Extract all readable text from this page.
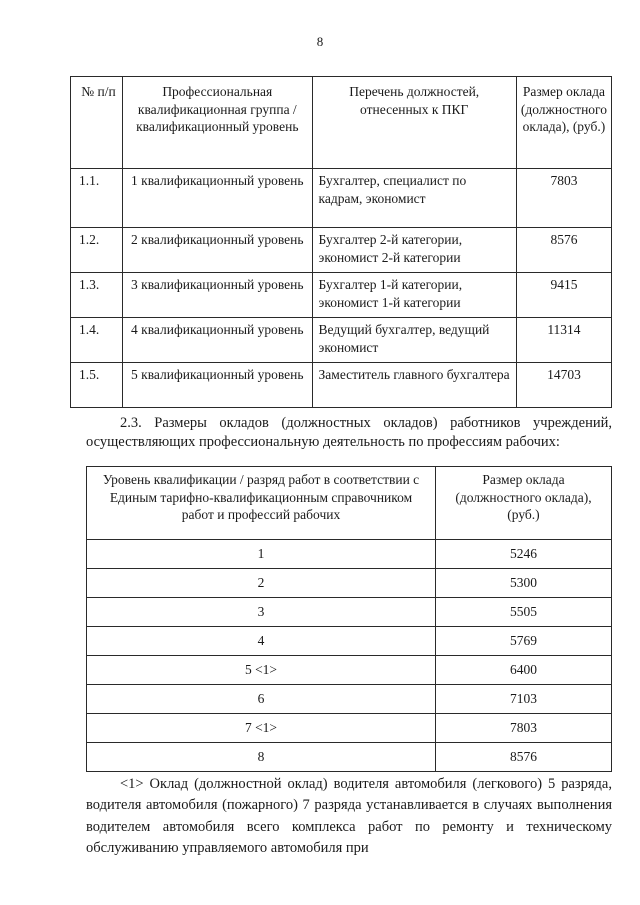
8
№ п/п	Профессиональная квалификационная группа / квалификационный уровень	Перечень должностей, отнесенных к ПКГ	Размер оклада (должностного оклада), (руб.)
1.1.	1 квалификационный уровень	Бухгалтер, специалист по кадрам, экономист	7803
1.2.	2 квалификационный уровень	Бухгалтер 2-й категории, экономист 2-й категории	8576
1.3.	3 квалификационный уровень	Бухгалтер 1-й категории, экономист 1-й категории	9415
1.4.	4 квалификационный уровень	Ведущий бухгалтер, ведущий экономист	11314
1.5.	5 квалификационный уровень	Заместитель главного бухгалтера	14703

2.3. Размеры окладов (должностных окладов) работников учреждений, осуществляющих профессиональную деятельность по профессиям рабочих:

Уровень квалификации / разряд работ в соответствии с Единым тарифно-квалификационным справочником работ и профессий рабочих	Размер оклада (должностного оклада), (руб.)
1	5246
2	5300
3	5505
4	5769
5 <1>	6400
6	7103
7 <1>	7803
8	8576

<1> Оклад (должностной оклад) водителя автомобиля (легкового) 5 разряда, водителя автомобиля (пожарного) 7 разряда устанавливается в случаях выполнения водителем автомобиля всего комплекса работ по ремонту и техническому обслуживанию управляемого автомобиля при
